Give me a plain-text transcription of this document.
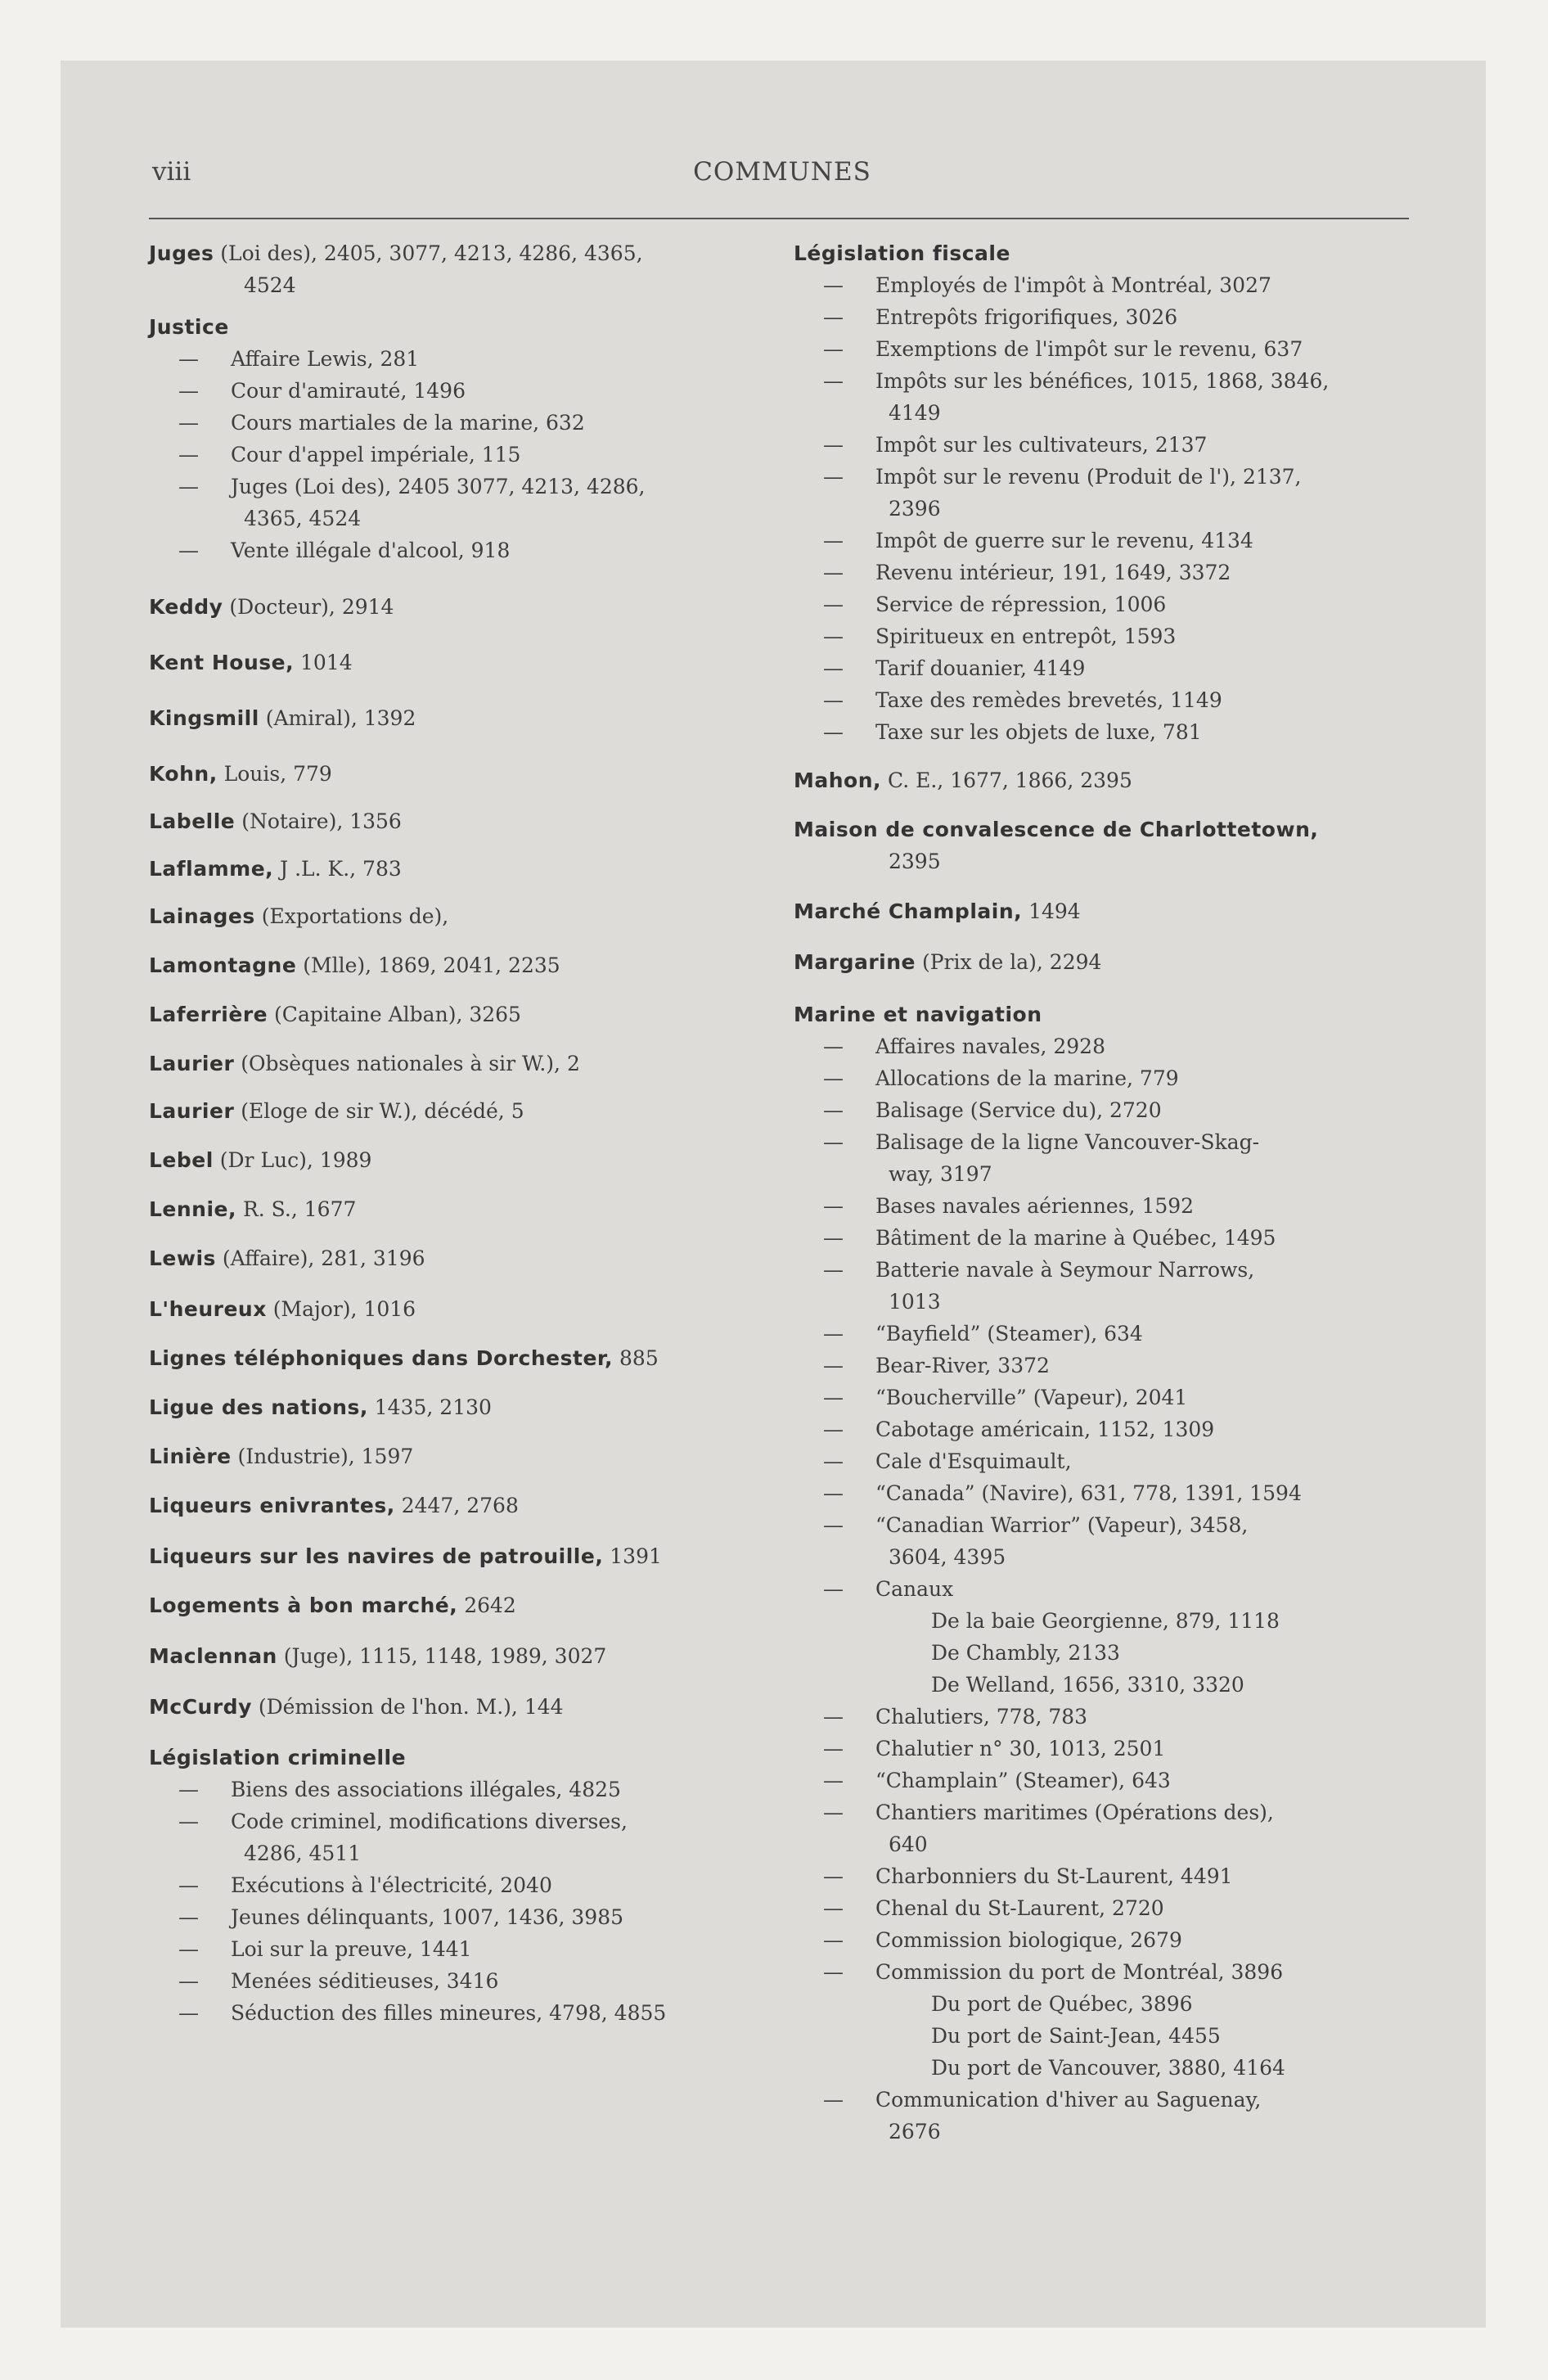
viii	COMMUNES
Juges (Loi des), 2405, 3077, 4213, 4286, 4365,
4524
Justice
— Affaire Lewis, 281
— Cour d'amirauté, 1496
— Cours martiales de la marine, 632
— Cour d'appel impériale, 115
— Juges (Loi des), 2405 3077, 4213, 4286,
4365, 4524
— Vente illégale d'alcool, 918
Keddy (Docteur), 2914
Kent House, 1014
Kingsmill (Amiral), 1392
Kohn, Louis, 779
Labelle (Notaire), 1356
Laflamme, J .L. K., 783
Lainages (Exportations de),
Lamontagne (Mlle), 1869, 2041, 2235
Laferrière (Capitaine Alban), 3265
Laurier (Obsèques nationales à sir W.), 2
Laurier (Eloge de sir W.), décédé, 5
Lebel (Dr Luc), 1989
Lennie, R. S., 1677
Lewis (Affaire), 281, 3196
L'heureux (Major), 1016
Lignes téléphoniques dans Dorchester, 885
Ligue des nations, 1435, 2130
Linière (Industrie), 1597
Liqueurs enivrantes, 2447, 2768
Liqueurs sur les navires de patrouille, 1391
Logements à bon marché, 2642
Maclennan (Juge), 1115, 1148, 1989, 3027
McCurdy (Démission de l'hon. M.), 144
Législation criminelle
— Biens des associations illégales, 4825
— Code criminel, modifications diverses,
4286, 4511
— Exécutions à l'électricité, 2040
— Jeunes délinquants, 1007, 1436, 3985
— Loi sur la preuve, 1441
— Menées séditieuses, 3416
— Séduction des filles mineures, 4798, 4855
Législation fiscale
— Employés de l'impôt à Montréal, 3027
— Entrepôts frigorifiques, 3026
— Exemptions de l'impôt sur le revenu, 637
— Impôts sur les bénéfices, 1015, 1868, 3846,
4149
— Impôt sur les cultivateurs, 2137
— Impôt sur le revenu (Produit de l'), 2137,
2396
— Impôt de guerre sur le revenu, 4134
— Revenu intérieur, 191, 1649, 3372
— Service de répression, 1006
— Spiritueux en entrepôt, 1593
— Tarif douanier, 4149
— Taxe des remèdes brevetés, 1149
— Taxe sur les objets de luxe, 781
Mahon, C. E., 1677, 1866, 2395
Maison de convalescence de Charlottetown,
2395
Marché Champlain, 1494
Margarine (Prix de la), 2294
Marine et navigation
— Affaires navales, 2928
— Allocations de la marine, 779
— Balisage (Service du), 2720
— Balisage de la ligne Vancouver-Skag-
way, 3197
— Bases navales aériennes, 1592
— Bâtiment de la marine à Québec, 1495
— Batterie navale à Seymour Narrows,
1013
— “Bayfield” (Steamer), 634
— Bear-River, 3372
— “Boucherville” (Vapeur), 2041
— Cabotage américain, 1152, 1309
— Cale d'Esquimault,
— “Canada” (Navire), 631, 778, 1391, 1594
— “Canadian Warrior” (Vapeur), 3458,
3604, 4395
— Canaux
De la baie Georgienne, 879, 1118
De Chambly, 2133
De Welland, 1656, 3310, 3320
— Chalutiers, 778, 783
— Chalutier n° 30, 1013, 2501
— “Champlain” (Steamer), 643
— Chantiers maritimes (Opérations des),
640
— Charbonniers du St-Laurent, 4491
— Chenal du St-Laurent, 2720
— Commission biologique, 2679
— Commission du port de Montréal, 3896
Du port de Québec, 3896
Du port de Saint-Jean, 4455
Du port de Vancouver, 3880, 4164
— Communication d'hiver au Saguenay,
2676
